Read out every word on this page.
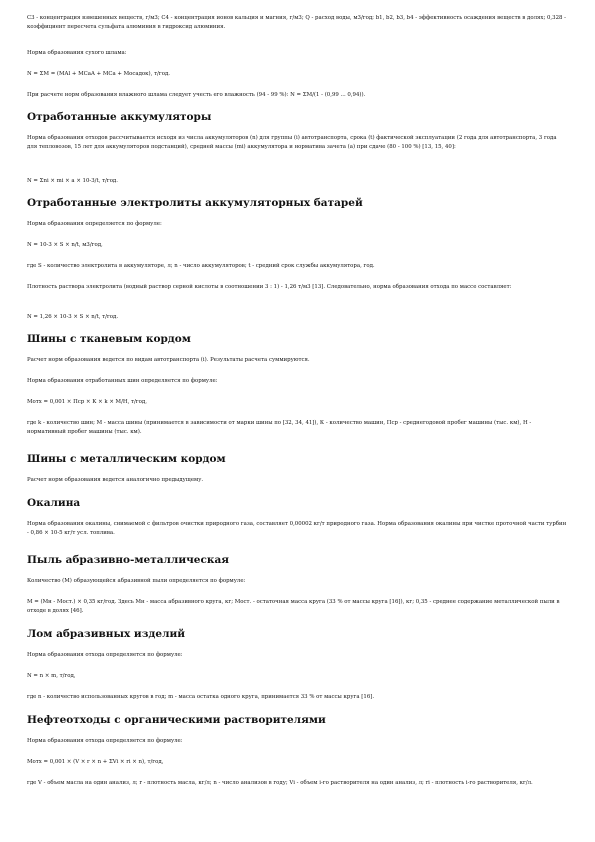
C3 - концентрация взвешенных веществ, г/м3; C4 - концентрация ионов кальция и магния, г/м3; Q - расход воды, м3/год; b1, b2, b3, b4 - эффективность осаждения веществ в долях; 0,328 - коэффициент пересчета сульфата алюминия в гидроксид алюминия.

Норма образования сухого шлама:

N = ΣM = (MAl + MCaA + MCa + Mосадок), т/год.

При расчете норм образования влажного шлама следует учесть его влажность (94 - 99 %): N = ΣM/(1 - (0,99 ... 0,94)).

Отработанные аккумуляторы

Норма образования отходов рассчитывается исходя из числа аккумуляторов (n) для группы (i) автотранспорта, срока (t) фактической эксплуатации (2 года для автотранспорта, 3 года для тепловозов, 15 лет для аккумуляторов подстанций), средней массы (mi) аккумулятора и норматива зачета (a) при сдаче (80 - 100 %) [13, 15, 40]:

N = Σni × mi × a × 10-3/t, т/год.

Отработанные электролиты аккумуляторных батарей

Норма образования определяется по формуле:

N = 10-3 × S × n/t, м3/год,

где S - количество электролита в аккумуляторе, л; n - число аккумуляторов; t - средний срок службы аккумулятора, год.

Плотность раствора электролита (водный раствор серной кислоты в соотношении 3 : 1) - 1,26 т/м3 [13]. Следовательно, норма образования отхода по массе составляет:

N = 1,26 × 10-3 × S × n/t, т/год.

Шины с тканевым кордом

Расчет норм образования ведется по видам автотранспорта (i). Результаты расчета суммируются.

Норма образования отработанных шин определяется по формуле:

Мотх = 0,001 × Пср × К × k × М/Н, т/год,

где k - количество шин; М - масса шины (принимается в зависимости от марки шины по [32, 34, 41]), К - количество машин, Пср - среднегодовой пробег машины (тыс. км), Н - нормативный пробег машины (тыс. км).

Шины с металлическим кордом

Расчет норм образования ведется аналогично предыдущему.

Окалина

Норма образования окалины, снимаемой с фильтров очистки природного газа, составляет 0,00002 кг/т природного газа. Норма образования окалины при чистке проточной части турбин - 0,86 × 10-5 кг/т усл. топлива.

Пыль абразивно-металлическая

Количество (М) образующейся абразивной пыли определяется по формуле:

M = (Mн - Mост.) × 0,35 кг/год. Здесь Mн - масса абразивного круга, кг; Mост. - остаточная масса круга (33 % от массы круга [16]), кг; 0,35 - среднее содержание металлической пыли в отходе в долях [46].

Лом абразивных изделий

Норма образования отхода определяется по формуле:

N = n × m, т/год,

где n - количество использованных кругов в год; m - масса остатка одного круга, принимается 33 % от массы круга [16].

Нефтеотходы с органическими растворителями

Норма образования отхода определяется по формуле:

Мотх = 0,001 × (V × r × n + ΣVi × ri × n), т/год,

где V - объем масла на один анализ, л; r - плотность масла, кг/л; n - число анализов в году; Vi - объем i-го растворителя на один анализ, л; ri - плотность i-го растворителя, кг/л.
